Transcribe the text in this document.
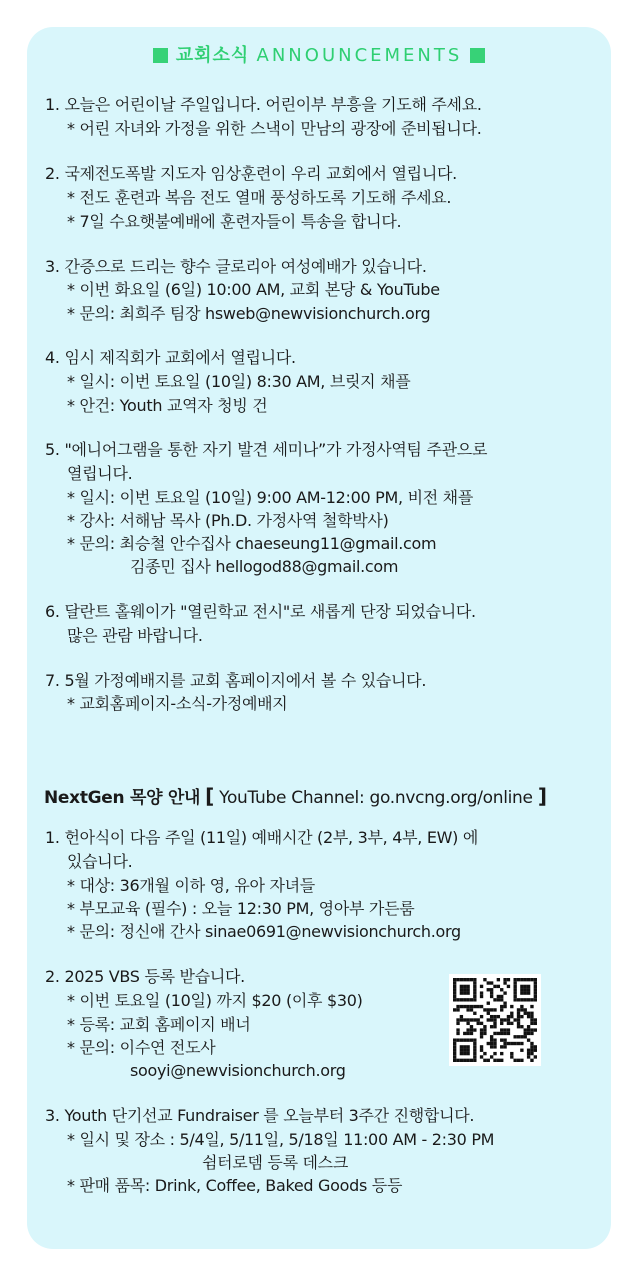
교회소식 ANNOUNCEMENTS
1. 오늘은 어린이날 주일입니다. 어린이부 부흥을 기도해 주세요.
* 어린 자녀와 가정을 위한 스낵이 만남의 광장에 준비됩니다.
2. 국제전도폭발 지도자 임상훈련이 우리 교회에서 열립니다.
* 전도 훈련과 복음 전도 열매 풍성하도록 기도해 주세요.
* 7일 수요햇불예배에 훈련자들이 특송을 합니다.
3. 간증으로 드리는 향수 글로리아 여성예배가 있습니다.
* 이번 화요일 (6일) 10:00 AM, 교회 본당 & YouTube
* 문의: 최희주 팀장 hsweb@newvisionchurch.org
4. 임시 제직회가 교회에서 열립니다.
* 일시: 이번 토요일 (10일) 8:30 AM, 브릿지 채플
* 안건: Youth 교역자 청빙 건
5. "에니어그램을 통한 자기 발견 세미나”가 가정사역팀 주관으로
열립니다.
* 일시: 이번 토요일 (10일) 9:00 AM-12:00 PM, 비전 채플
* 강사: 서해남 목사 (Ph.D. 가정사역 철학박사)
* 문의: 최승철 안수집사 chaeseung11@gmail.com
김종민 집사 hellogod88@gmail.com
6. 달란트 홀웨이가 "열린학교 전시"로 새롭게 단장 되었습니다.
많은 관람 바랍니다.
7. 5월 가정예배지를 교회 홈페이지에서 볼 수 있습니다.
* 교회홈페이지-소식-가정예배지
NextGen 목양 안내 [ YouTube Channel: go.nvcng.org/online ]
1. 헌아식이 다음 주일 (11일) 예배시간 (2부, 3부, 4부, EW) 에
있습니다.
* 대상: 36개월 이하 영, 유아 자녀들
* 부모교육 (필수) : 오늘 12:30 PM, 영아부 가든룸
* 문의: 정신애 간사 sinae0691@newvisionchurch.org
2. 2025 VBS 등록 받습니다.
* 이번 토요일 (10일) 까지 $20 (이후 $30)
* 등록: 교회 홈페이지 배너
* 문의: 이수연 전도사
sooyi@newvisionchurch.org
3. Youth 단기선교 Fundraiser 를 오늘부터 3주간 진행합니다.
* 일시 및 장소 : 5/4일, 5/11일, 5/18일 11:00 AM - 2:30 PM
쉼터로뎀 등록 데스크
* 판매 품목: Drink, Coffee, Baked Goods 등등
